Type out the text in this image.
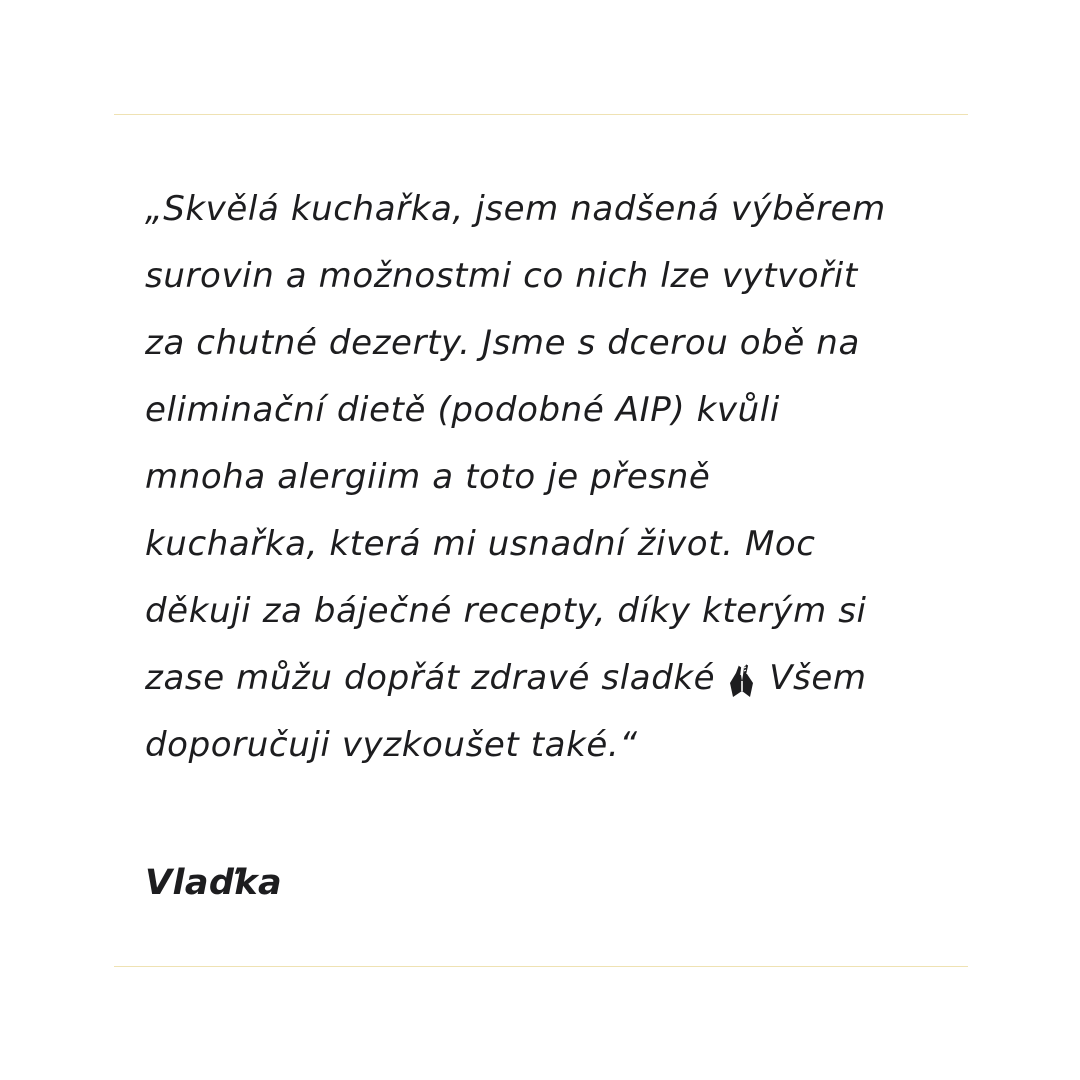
„Skvělá kuchařka, jsem nadšená výběrem
surovin a možnostmi co nich lze vytvořit
za chutné dezerty. Jsme s dcerou obě na
eliminační dietě (podobné AIP) kvůli
mnoha alergiim a toto je přesně
kuchařka, která mi usnadní život. Moc
děkuji za báječné recepty, díky kterým si
zase můžu dopřát zdravé sladké Všem
doporučuji vyzkoušet také.“
Vlaďka
